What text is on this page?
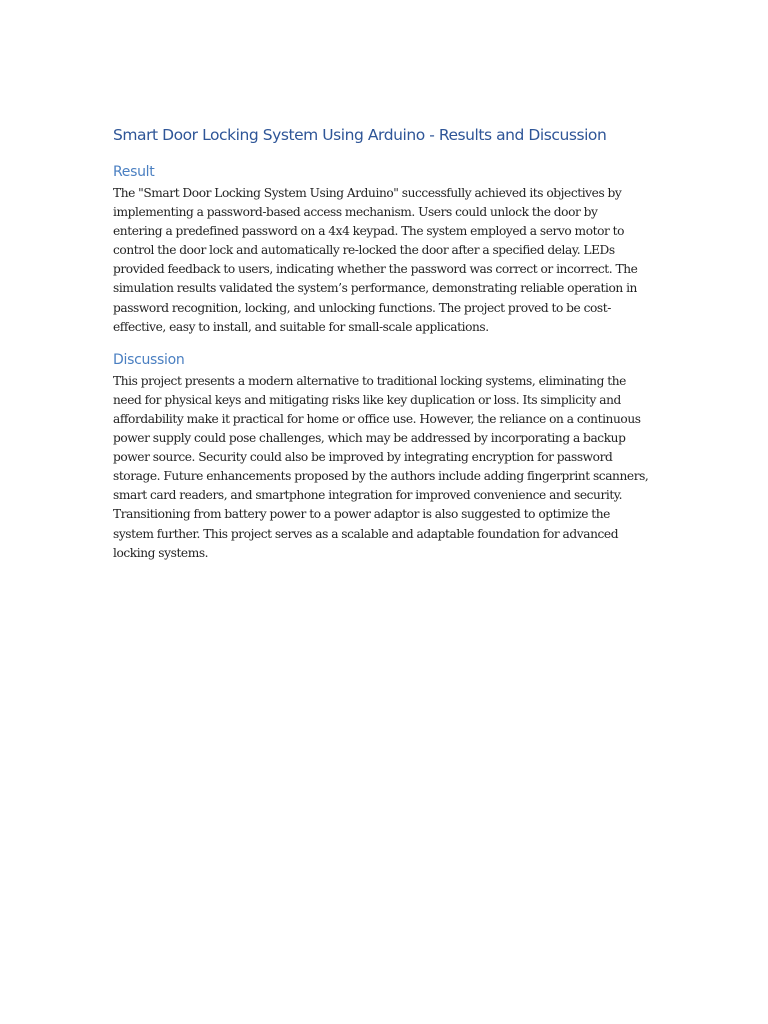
Smart Door Locking System Using Arduino - Results and Discussion
Result

The "Smart Door Locking System Using Arduino" successfully achieved its objectives by
implementing a password-based access mechanism. Users could unlock the door by
entering a predefined password on a 4x4 keypad. The system employed a servo motor to
control the door lock and automatically re-locked the door after a specified delay. LEDs
provided feedback to users, indicating whether the password was correct or incorrect. The
simulation results validated the system’s performance, demonstrating reliable operation in
password recognition, locking, and unlocking functions. The project proved to be cost-
effective, easy to install, and suitable for small-scale applications.

Discussion

This project presents a modern alternative to traditional locking systems, eliminating the
need for physical keys and mitigating risks like key duplication or loss. Its simplicity and
affordability make it practical for home or office use. However, the reliance on a continuous
power supply could pose challenges, which may be addressed by incorporating a backup
power source. Security could also be improved by integrating encryption for password
storage. Future enhancements proposed by the authors include adding fingerprint scanners,
smart card readers, and smartphone integration for improved convenience and security.
Transitioning from battery power to a power adaptor is also suggested to optimize the
system further. This project serves as a scalable and adaptable foundation for advanced
locking systems.
